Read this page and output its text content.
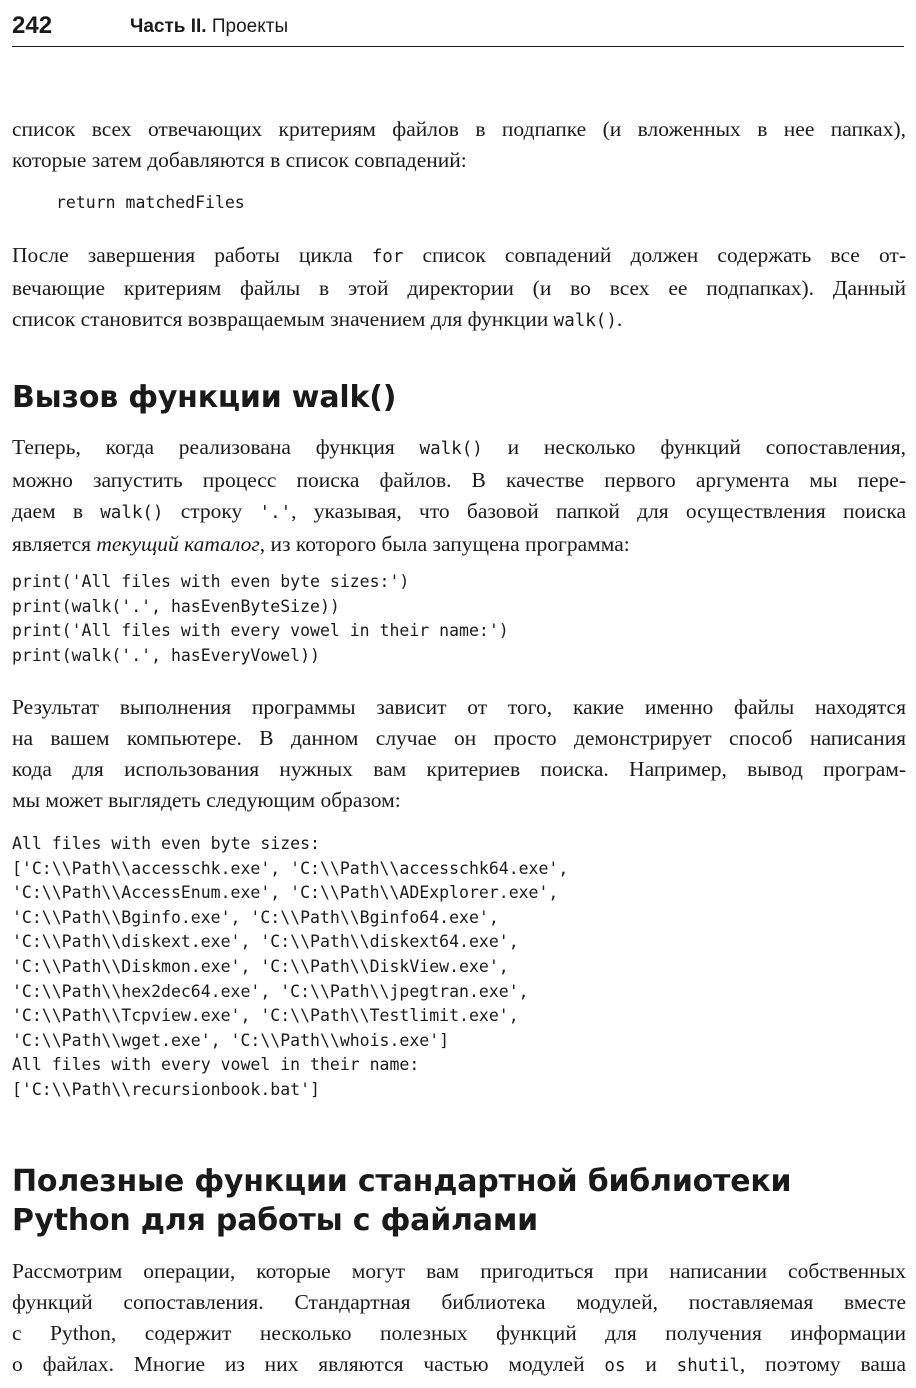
242	Часть II. Проекты

список всех отвечающих критериям файлов в подпапке (и вложенных в нее папках),
которые затем добавляются в список совпадений:

return matchedFiles

После завершения работы цикла for список совпадений должен содержать все от-
вечающие критериям файлы в этой директории (и во всех ее подпапках). Данный
список становится возвращаемым значением для функции walk().

Вызов функции walk()

Теперь, когда реализована функция walk() и несколько функций сопоставления,
можно запустить процесс поиска файлов. В качестве первого аргумента мы пере-
даем в walk() строку '.', указывая, что базовой папкой для осуществления поиска
является текущий каталог, из которого была запущена программа:

print('All files with even byte sizes:')
print(walk('.', hasEvenByteSize))
print('All files with every vowel in their name:')
print(walk('.', hasEveryVowel))

Результат выполнения программы зависит от того, какие именно файлы находятся
на вашем компьютере. В данном случае он просто демонстрирует способ написания
кода для использования нужных вам критериев поиска. Например, вывод програм-
мы может выглядеть следующим образом:

All files with even byte sizes:
['C:\\Path\\accesschk.exe', 'C:\\Path\\accesschk64.exe',
'C:\\Path\\AccessEnum.exe', 'C:\\Path\\ADExplorer.exe',
'C:\\Path\\Bginfo.exe', 'C:\\Path\\Bginfo64.exe',
'C:\\Path\\diskext.exe', 'C:\\Path\\diskext64.exe',
'C:\\Path\\Diskmon.exe', 'C:\\Path\\DiskView.exe',
'C:\\Path\\hex2dec64.exe', 'C:\\Path\\jpegtran.exe',
'C:\\Path\\Tcpview.exe', 'C:\\Path\\Testlimit.exe',
'C:\\Path\\wget.exe', 'C:\\Path\\whois.exe']
All files with every vowel in their name:
['C:\\Path\\recursionbook.bat']
Полезные функции стандартной библиотеки
Python для работы с файлами

Рассмотрим операции, которые могут вам пригодиться при написании собственных
функций сопоставления. Стандартная библиотека модулей, поставляемая вместе
с Python, содержит несколько полезных функций для получения информации
о файлах. Многие из них являются частью модулей os и shutil, поэтому ваша
